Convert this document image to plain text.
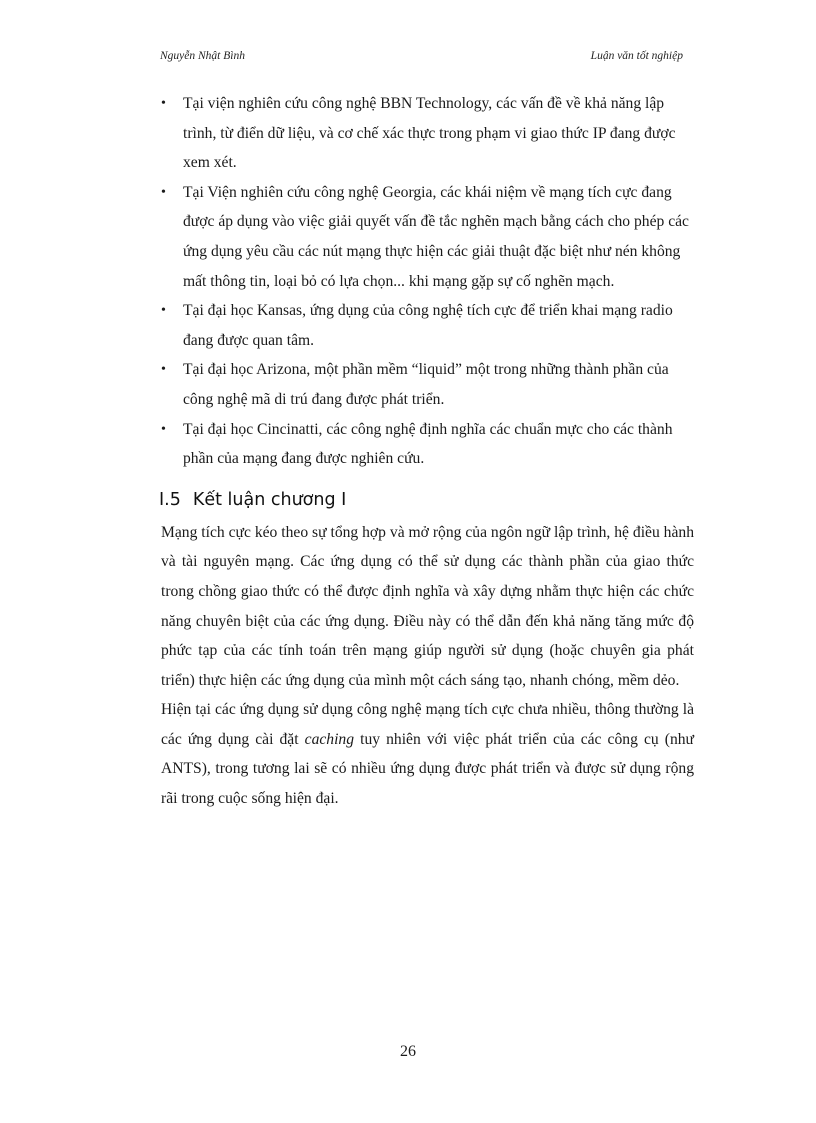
Nguyễn Nhật Bình	Luận văn tốt nghiệp
•	Tại viện nghiên cứu công nghệ BBN Technology, các vấn đề về khả năng lập trình, từ điển dữ liệu, và cơ chế xác thực trong phạm vi giao thức IP đang được xem xét.
•	Tại Viện nghiên cứu công nghệ Georgia, các khái niệm về mạng tích cực đang được áp dụng vào việc giải quyết vấn đề tắc nghẽn mạch bằng cách cho phép các ứng dụng yêu cầu các nút mạng thực hiện các giải thuật đặc biệt như nén không mất thông tin, loại bỏ có lựa chọn... khi mạng gặp sự cố nghẽn mạch.
•	Tại đại học Kansas, ứng dụng của công nghệ tích cực để triển khai mạng radio đang được quan tâm.
•	Tại đại học Arizona, một phần mềm “liquid” một trong những thành phần của công nghệ mã di trú đang được phát triển.
•	Tại đại học Cincinatti, các công nghệ định nghĩa các chuẩn mực cho các thành phần của mạng đang được nghiên cứu.
I.5 Kết luận chương I

Mạng tích cực kéo theo sự tổng hợp và mở rộng của ngôn ngữ lập trình, hệ điều hành và tài nguyên mạng. Các ứng dụng có thể sử dụng các thành phần của giao thức trong chồng giao thức có thể được định nghĩa và xây dựng nhằm thực hiện các chức năng chuyên biệt của các ứng dụng. Điều này có thể dẫn đến khả năng tăng mức độ phức tạp của các tính toán trên mạng giúp người sử dụng (hoặc chuyên gia phát triển) thực hiện các ứng dụng của mình một cách sáng tạo, nhanh chóng, mềm dẻo.

Hiện tại các ứng dụng sử dụng công nghệ mạng tích cực chưa nhiều, thông thường là các ứng dụng cài đặt caching tuy nhiên với việc phát triển của các công cụ (như ANTS), trong tương lai sẽ có nhiều ứng dụng được phát triển và được sử dụng rộng rãi trong cuộc sống hiện đại.

26
